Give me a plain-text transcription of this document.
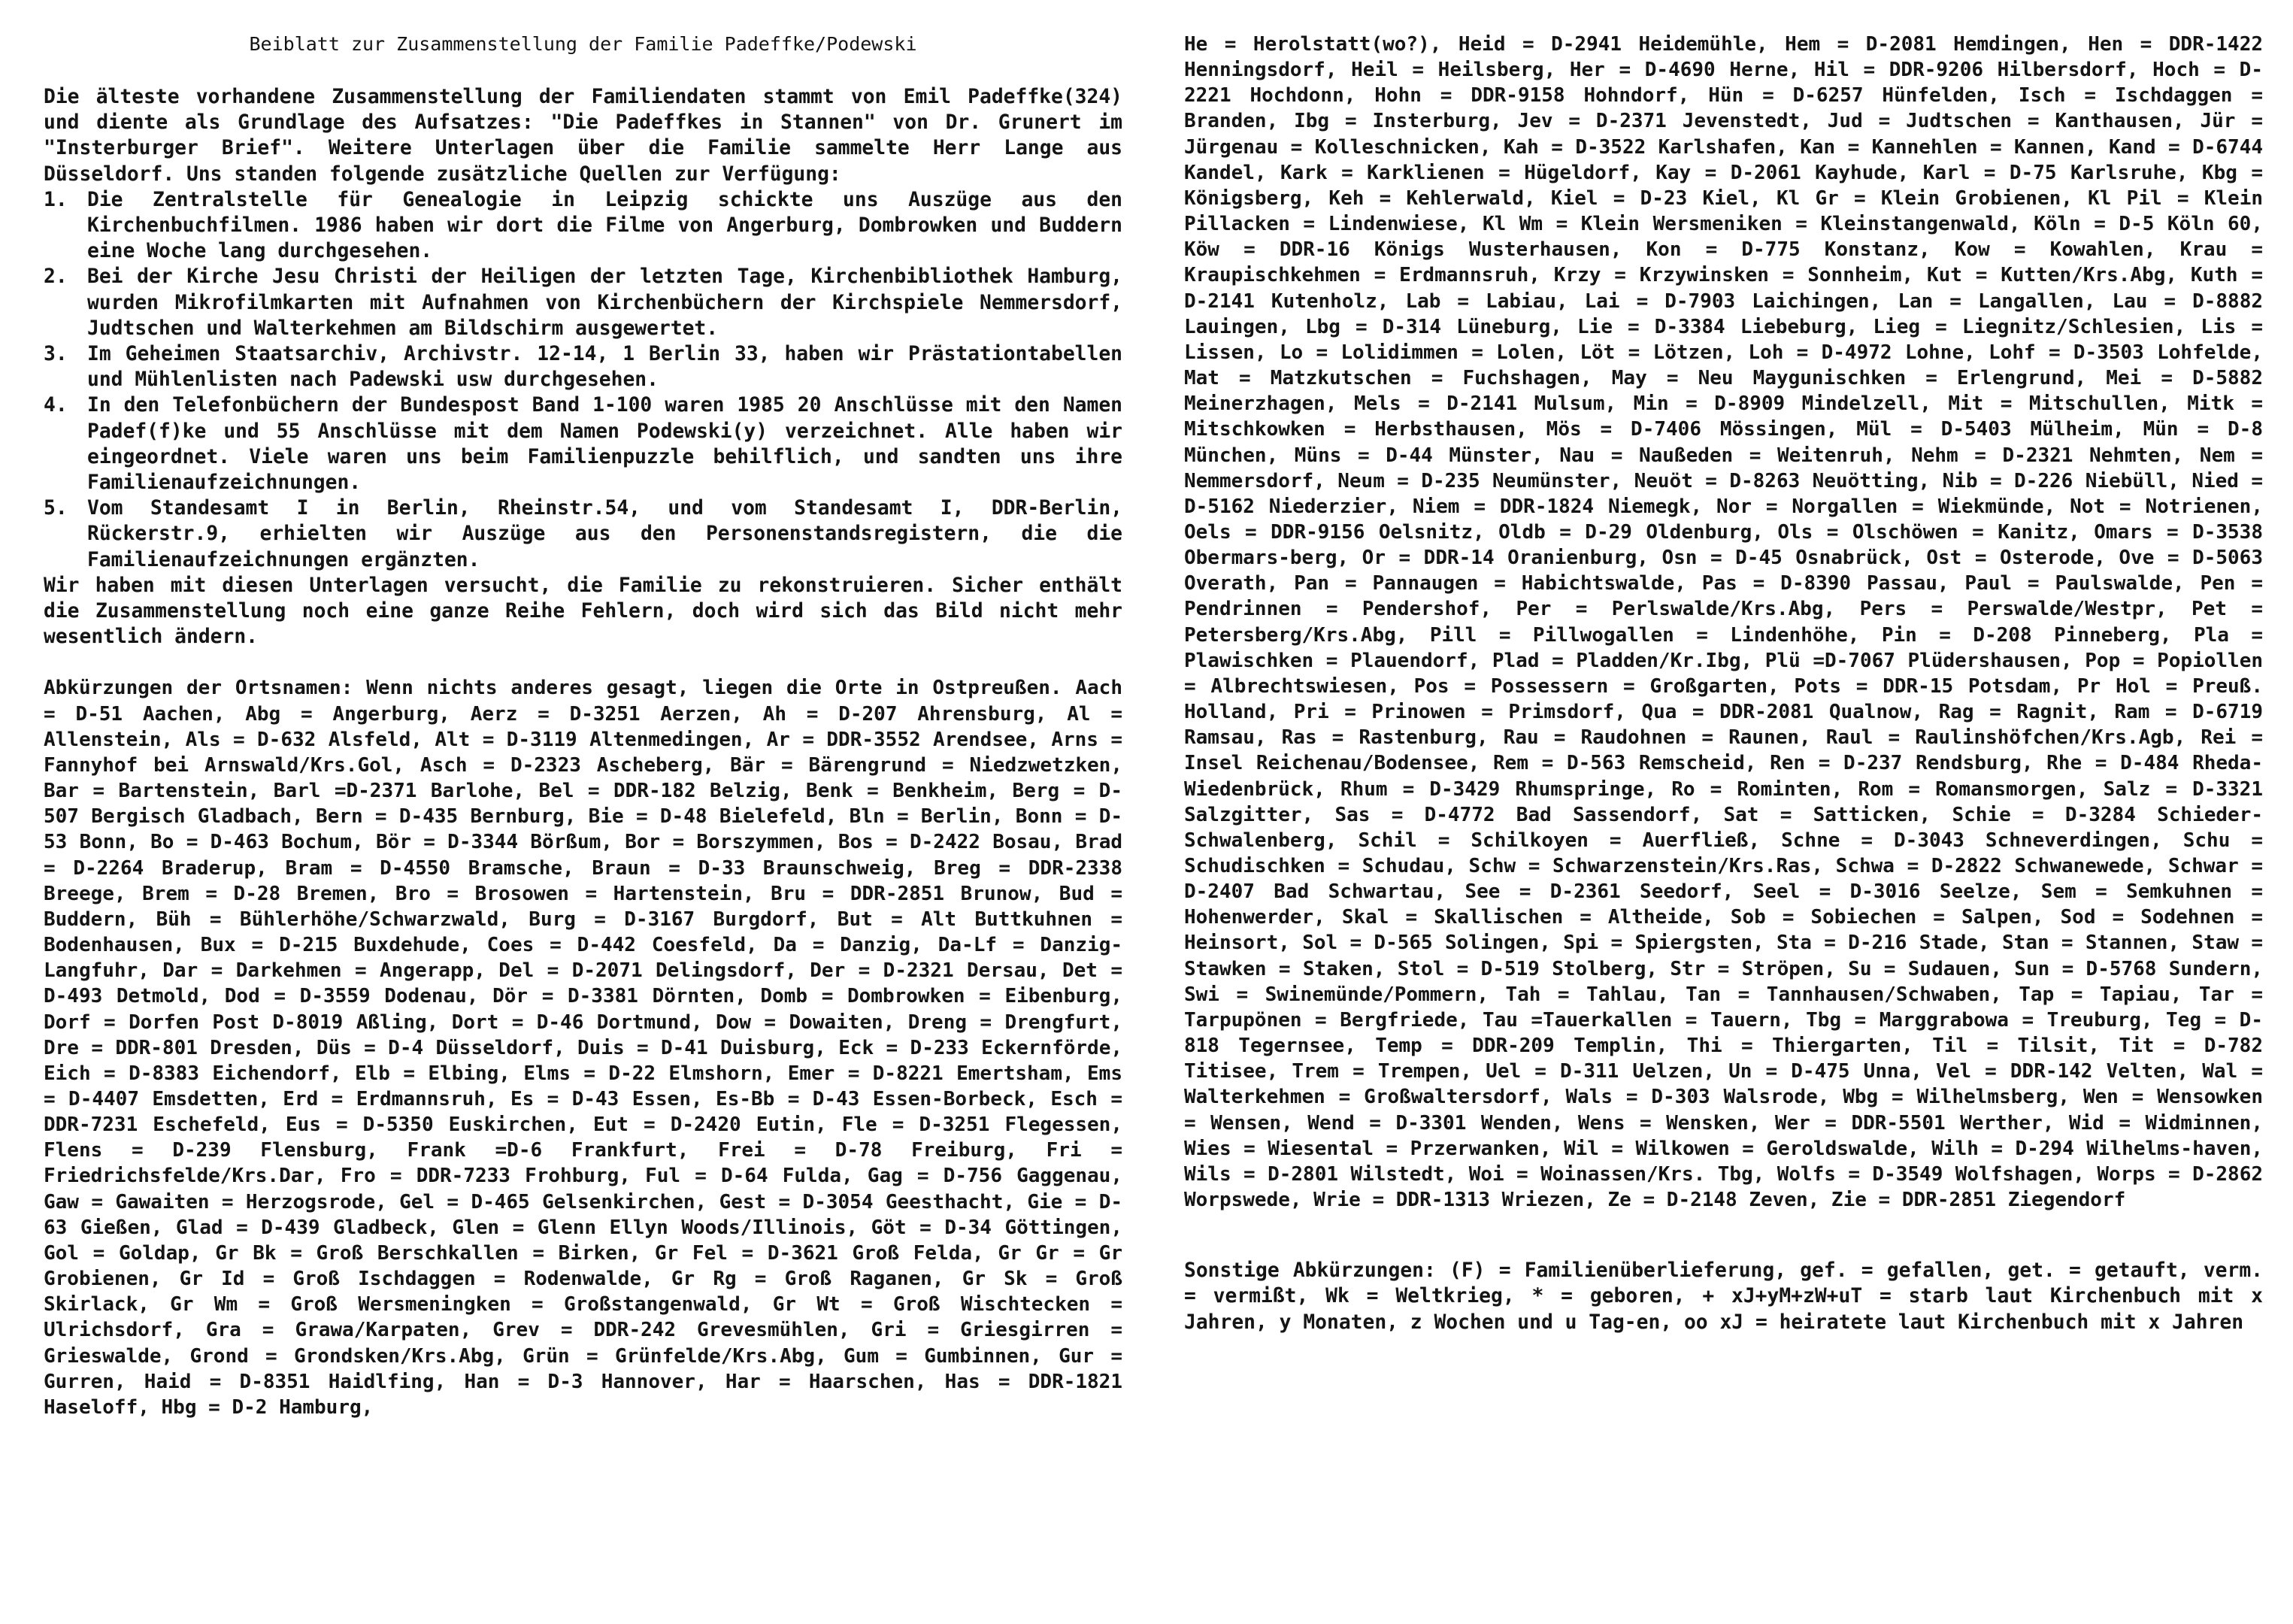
Beiblatt zur Zusammenstellung der Familie Padeffke/Podewski

Die älteste vorhandene Zusammenstellung der Familiendaten stammt von Emil Padeffke(324) und diente als Grundlage des Aufsatzes: "Die Padeffkes in Stannen" von Dr. Grunert im "Insterburger Brief". Weitere Unterlagen über die Familie sammelte Herr Lange aus Düsseldorf. Uns standen folgende zusätzliche Quellen zur Verfügung:

1. Die Zentralstelle für Genealogie in Leipzig schickte uns Auszüge aus den Kirchenbuchfilmen. 1986 haben wir dort die Filme von Angerburg, Dombrowken und Buddern eine Woche lang durchgesehen.
2. Bei der Kirche Jesu Christi der Heiligen der letzten Tage, Kirchenbibliothek Hamburg, wurden Mikrofilmkarten mit Aufnahmen von Kirchenbüchern der Kirchspiele Nemmersdorf, Judtschen und Walterkehmen am Bildschirm ausgewertet.
3. Im Geheimen Staatsarchiv, Archivstr. 12-14, 1 Berlin 33, haben wir Prästationtabellen und Mühlenlisten nach Padewski usw durchgesehen.
4. In den Telefonbüchern der Bundespost Band 1-100 waren 1985 20 Anschlüsse mit den Namen Padef(f)ke und 55 Anschlüsse mit dem Namen Podewski(y) verzeichnet. Alle haben wir eingeordnet. Viele waren uns beim Familienpuzzle behilflich, und sandten uns ihre Familienaufzeichnungen.
5. Vom Standesamt I in Berlin, Rheinstr.54, und vom Standesamt I, DDR-Berlin, Rückerstr.9, erhielten wir Auszüge aus den Personenstandsregistern, die die Familienaufzeichnungen ergänzten.

Wir haben mit diesen Unterlagen versucht, die Familie zu rekonstruieren. Sicher enthält die Zusammenstellung noch eine ganze Reihe Fehlern, doch wird sich das Bild nicht mehr wesentlich ändern.

Abkürzungen der Ortsnamen: Wenn nichts anderes gesagt, liegen die Orte in Ostpreußen. Aach = D-51 Aachen, Abg = Angerburg, Aerz = D-3251 Aerzen, Ah = D-207 Ahrensburg, Al = Allenstein, Als = D-632 Alsfeld, Alt = D-3119 Altenmedingen, Ar = DDR-3552 Arendsee, Arns = Fannyhof bei Arnswald/Krs.Gol, Asch = D-2323 Ascheberg, Bär = Bärengrund = Niedzwetzken, Bar = Bartenstein, Barl =D-2371 Barlohe, Bel = DDR-182 Belzig, Benk = Benkheim, Berg = D-507 Bergisch Gladbach, Bern = D-435 Bernburg, Bie = D-48 Bielefeld, Bln = Berlin, Bonn = D-53 Bonn, Bo = D-463 Bochum, Bör = D-3344 Börßum, Bor = Borszymmen, Bos = D-2422 Bosau, Brad = D-2264 Braderup, Bram = D-4550 Bramsche, Braun = D-33 Braunschweig, Breg = DDR-2338 Breege, Brem = D-28 Bremen, Bro = Brosowen = Hartenstein, Bru = DDR-2851 Brunow, Bud = Buddern, Büh = Bühlerhöhe/Schwarzwald, Burg = D-3167 Burgdorf, But = Alt Buttkuhnen = Bodenhausen, Bux = D-215 Buxdehude, Coes = D-442 Coesfeld, Da = Danzig, Da-Lf = Danzig-Langfuhr, Dar = Darkehmen = Angerapp, Del = D-2071 Delingsdorf, Der = D-2321 Dersau, Det = D-493 Detmold, Dod = D-3559 Dodenau, Dör = D-3381 Dörnten, Domb = Dombrowken = Eibenburg, Dorf = Dorfen Post D-8019 Aßling, Dort = D-46 Dortmund, Dow = Dowaiten, Dreng = Drengfurt, Dre = DDR-801 Dresden, Düs = D-4 Düsseldorf, Duis = D-41 Duisburg, Eck = D-233 Eckernförde, Eich = D-8383 Eichendorf, Elb = Elbing, Elms = D-22 Elmshorn, Emer = D-8221 Emertsham, Ems = D-4407 Emsdetten, Erd = Erdmannsruh, Es = D-43 Essen, Es-Bb = D-43 Essen-Borbeck, Esch = DDR-7231 Eschefeld, Eus = D-5350 Euskirchen, Eut = D-2420 Eutin, Fle = D-3251 Flegessen, Flens = D-239 Flensburg, Frank =D-6 Frankfurt, Frei = D-78 Freiburg, Fri = Friedrichsfelde/Krs.Dar, Fro = DDR-7233 Frohburg, Ful = D-64 Fulda, Gag = D-756 Gaggenau, Gaw = Gawaiten = Herzogsrode, Gel = D-465 Gelsenkirchen, Gest = D-3054 Geesthacht, Gie = D-63 Gießen, Glad = D-439 Gladbeck, Glen = Glenn Ellyn Woods/Illinois, Göt = D-34 Göttingen, Gol = Goldap, Gr Bk = Groß Berschkallen = Birken, Gr Fel = D-3621 Groß Felda, Gr Gr = Gr Grobienen, Gr Id = Groß Ischdaggen = Rodenwalde, Gr Rg = Groß Raganen, Gr Sk = Groß Skirlack, Gr Wm = Groß Wersmeningken = Großstangenwald, Gr Wt = Groß Wischtecken = Ulrichsdorf, Gra = Grawa/Karpaten, Grev = DDR-242 Grevesmühlen, Gri = Griesgirren = Grieswalde, Grond = Grondsken/Krs.Abg, Grün = Grünfelde/Krs.Abg, Gum = Gumbinnen, Gur = Gurren, Haid = D-8351 Haidlfing, Han = D-3 Hannover, Har = Haarschen, Has = DDR-1821 Haseloff, Hbg = D-2 Hamburg,

He = Herolstatt(wo?), Heid = D-2941 Heidemühle, Hem = D-2081 Hemdingen, Hen = DDR-1422 Henningsdorf, Heil = Heilsberg, Her = D-4690 Herne, Hil = DDR-9206 Hilbersdorf, Hoch = D-2221 Hochdonn, Hohn = DDR-9158 Hohndorf, Hün = D-6257 Hünfelden, Isch = Ischdaggen = Branden, Ibg = Insterburg, Jev = D-2371 Jevenstedt, Jud = Judtschen = Kanthausen, Jür = Jürgenau = Kolleschnicken, Kah = D-3522 Karlshafen, Kan = Kannehlen = Kannen, Kand = D-6744 Kandel, Kark = Karklienen = Hügeldorf, Kay = D-2061 Kayhude, Karl = D-75 Karlsruhe, Kbg = Königsberg, Keh = Kehlerwald, Kiel = D-23 Kiel, Kl Gr = Klein Grobienen, Kl Pil = Klein Pillacken = Lindenwiese, Kl Wm = Klein Wersmeniken = Kleinstangenwald, Köln = D-5 Köln 60, Köw = DDR-16 Königs Wusterhausen, Kon = D-775 Konstanz, Kow = Kowahlen, Krau = Kraupischkehmen = Erdmannsruh, Krzy = Krzywinsken = Sonnheim, Kut = Kutten/Krs.Abg, Kuth = D-2141 Kutenholz, Lab = Labiau, Lai = D-7903 Laichingen, Lan = Langallen, Lau = D-8882 Lauingen, Lbg = D-314 Lüneburg, Lie = D-3384 Liebeburg, Lieg = Liegnitz/Schlesien, Lis = Lissen, Lo = Lolidimmen = Lolen, Löt = Lötzen, Loh = D-4972 Lohne, Lohf = D-3503 Lohfelde, Mat = Matzkutschen = Fuchshagen, May = Neu Maygunischken = Erlengrund, Mei = D-5882 Meinerzhagen, Mels = D-2141 Mulsum, Min = D-8909 Mindelzell, Mit = Mitschullen, Mitk = Mitschkowken = Herbsthausen, Mös = D-7406 Mössingen, Mül = D-5403 Mülheim, Mün = D-8 München, Müns = D-44 Münster, Nau = Naußeden = Weitenruh, Nehm = D-2321 Nehmten, Nem = Nemmersdorf, Neum = D-235 Neumünster, Neuöt = D-8263 Neuötting, Nib = D-226 Niebüll, Nied = D-5162 Niederzier, Niem = DDR-1824 Niemegk, Nor = Norgallen = Wiekmünde, Not = Notrienen, Oels = DDR-9156 Oelsnitz, Oldb = D-29 Oldenburg, Ols = Olschöwen = Kanitz, Omars = D-3538 Obermars-berg, Or = DDR-14 Oranienburg, Osn = D-45 Osnabrück, Ost = Osterode, Ove = D-5063 Overath, Pan = Pannaugen = Habichtswalde, Pas = D-8390 Passau, Paul = Paulswalde, Pen = Pendrinnen = Pendershof, Per = Perlswalde/Krs.Abg, Pers = Perswalde/Westpr, Pet = Petersberg/Krs.Abg, Pill = Pillwogallen = Lindenhöhe, Pin = D-208 Pinneberg, Pla = Plawischken = Plauendorf, Plad = Pladden/Kr.Ibg, Plü =D-7067 Plüdershausen, Pop = Popiollen = Albrechtswiesen, Pos = Possessern = Großgarten, Pots = DDR-15 Potsdam, Pr Hol = Preuß. Holland, Pri = Prinowen = Primsdorf, Qua = DDR-2081 Qualnow, Rag = Ragnit, Ram = D-6719 Ramsau, Ras = Rastenburg, Rau = Raudohnen = Raunen, Raul = Raulinshöfchen/Krs.Agb, Rei = Insel Reichenau/Bodensee, Rem = D-563 Remscheid, Ren = D-237 Rendsburg, Rhe = D-484 Rheda- Wiedenbrück, Rhum = D-3429 Rhumspringe, Ro = Rominten, Rom = Romansmorgen, Salz = D-3321 Salzgitter, Sas = D-4772 Bad Sassendorf, Sat = Satticken, Schie = D-3284 Schieder-Schwalenberg, Schil = Schilkoyen = Auerfließ, Schne = D-3043 Schneverdingen, Schu = Schudischken = Schudau, Schw = Schwarzenstein/Krs.Ras, Schwa = D-2822 Schwanewede, Schwar = D-2407 Bad Schwartau, See = D-2361 Seedorf, Seel = D-3016 Seelze, Sem = Semkuhnen = Hohenwerder, Skal = Skallischen = Altheide, Sob = Sobiechen = Salpen, Sod = Sodehnen = Heinsort, Sol = D-565 Solingen, Spi = Spiergsten, Sta = D-216 Stade, Stan = Stannen, Staw = Stawken = Staken, Stol = D-519 Stolberg, Str = Ströpen, Su = Sudauen, Sun = D-5768 Sundern, Swi = Swinemünde/Pommern, Tah = Tahlau, Tan = Tannhausen/Schwaben, Tap = Tapiau, Tar = Tarpupönen = Bergfriede, Tau =Tauerkallen = Tauern, Tbg = Marggrabowa = Treuburg, Teg = D-818 Tegernsee, Temp = DDR-209 Templin, Thi = Thiergarten, Til = Tilsit, Tit = D-782 Titisee, Trem = Trempen, Uel = D-311 Uelzen, Un = D-475 Unna, Vel = DDR-142 Velten, Wal = Walterkehmen = Großwaltersdorf, Wals = D-303 Walsrode, Wbg = Wilhelmsberg, Wen = Wensowken = Wensen, Wend = D-3301 Wenden, Wens = Wensken, Wer = DDR-5501 Werther, Wid = Widminnen, Wies = Wiesental = Przerwanken, Wil = Wilkowen = Geroldswalde, Wilh = D-294 Wilhelms-haven, Wils = D-2801 Wilstedt, Woi = Woinassen/Krs. Tbg, Wolfs = D-3549 Wolfshagen, Worps = D-2862 Worpswede, Wrie = DDR-1313 Wriezen, Ze = D-2148 Zeven, Zie = DDR-2851 Ziegendorf

Sonstige Abkürzungen: (F) = Familienüberlieferung, gef. = gefallen, get. = getauft, verm. = vermißt, Wk = Weltkrieg, * = geboren, + xJ+yM+zW+uT = starb laut Kirchenbuch mit x Jahren, y Monaten, z Wochen und u Tag-en, oo xJ = heiratete laut Kirchenbuch mit x Jahren
